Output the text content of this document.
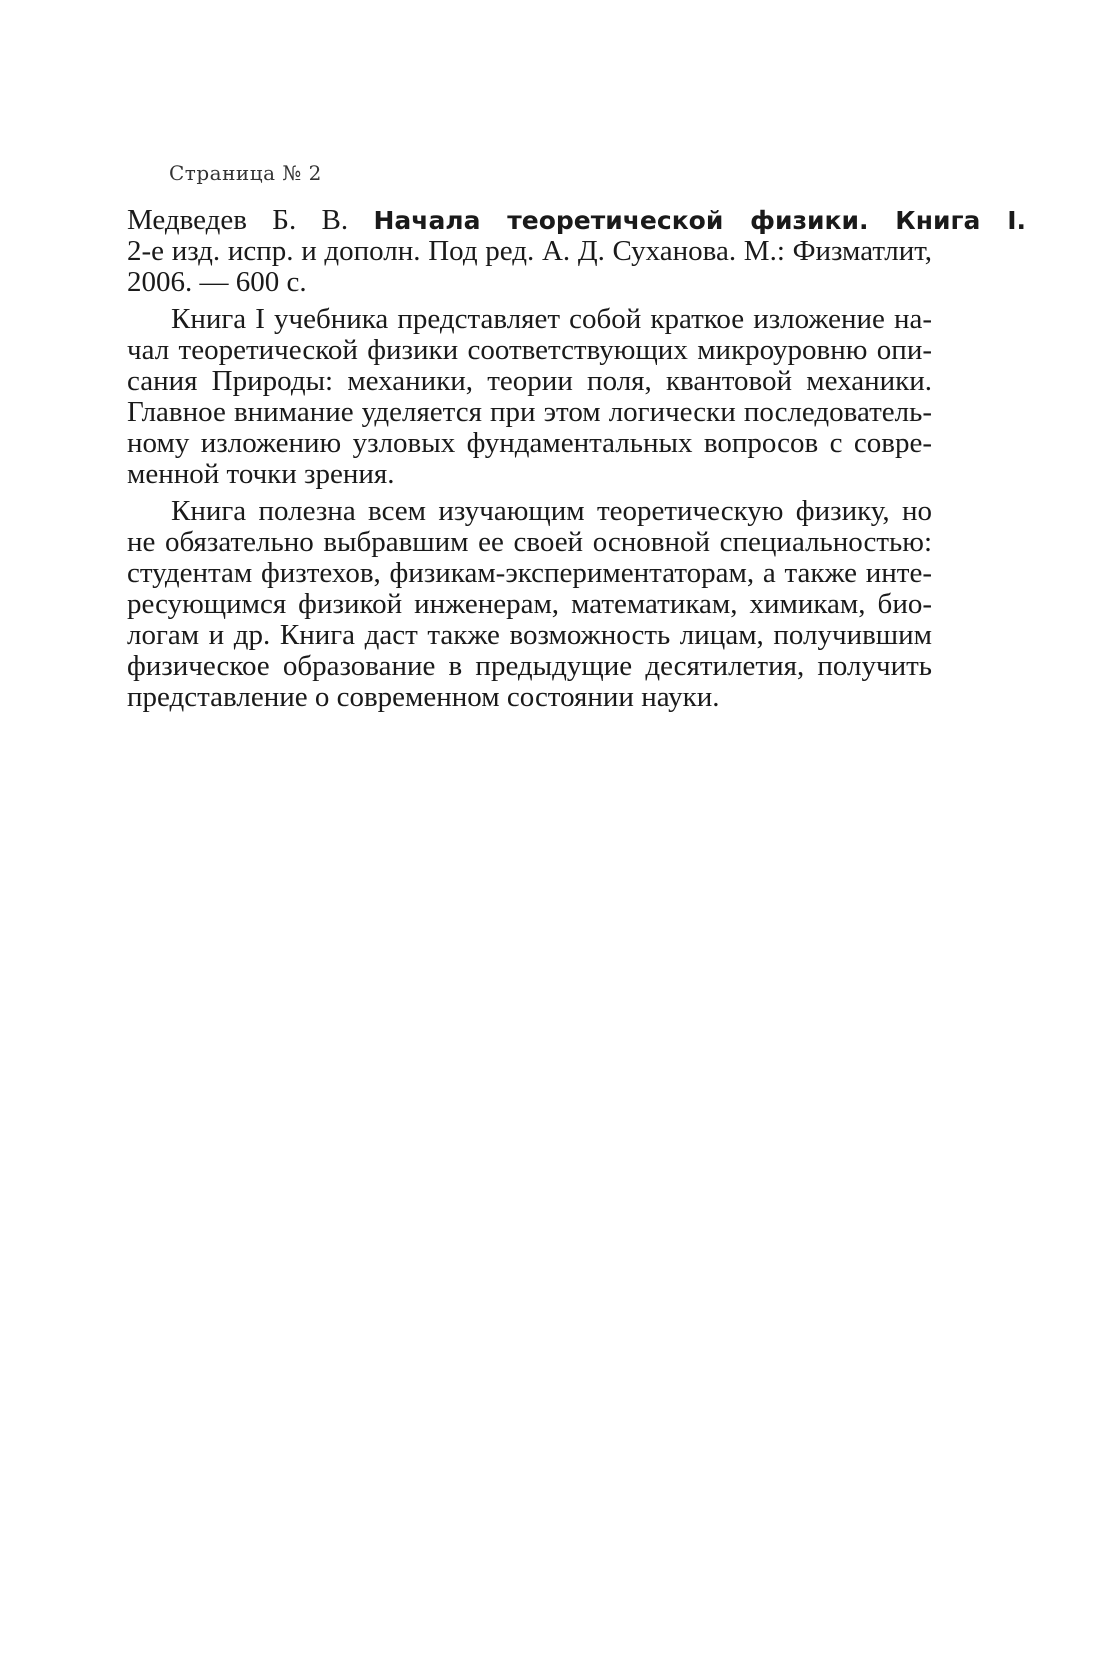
Страница № 2
Медведев Б. В. Начала теоретической физики. Книга I.
2-е изд. испр. и дополн. Под ред. А. Д. Суханова. М.: Физматлит,
2006. — 600 с.
Книга I учебника представляет собой краткое изложение на-
чал теоретической физики соответствующих микроуровню опи-
сания Природы: механики, теории поля, квантовой механики.
Главное внимание уделяется при этом логически последователь-
ному изложению узловых фундаментальных вопросов с совре-
менной точки зрения.
Книга полезна всем изучающим теоретическую физику, но
не обязательно выбравшим ее своей основной специальностью:
студентам физтехов, физикам-экспериментаторам, а также инте-
ресующимся физикой инженерам, математикам, химикам, био-
логам и др. Книга даст также возможность лицам, получившим
физическое образование в предыдущие десятилетия, получить
представление о современном состоянии науки.
